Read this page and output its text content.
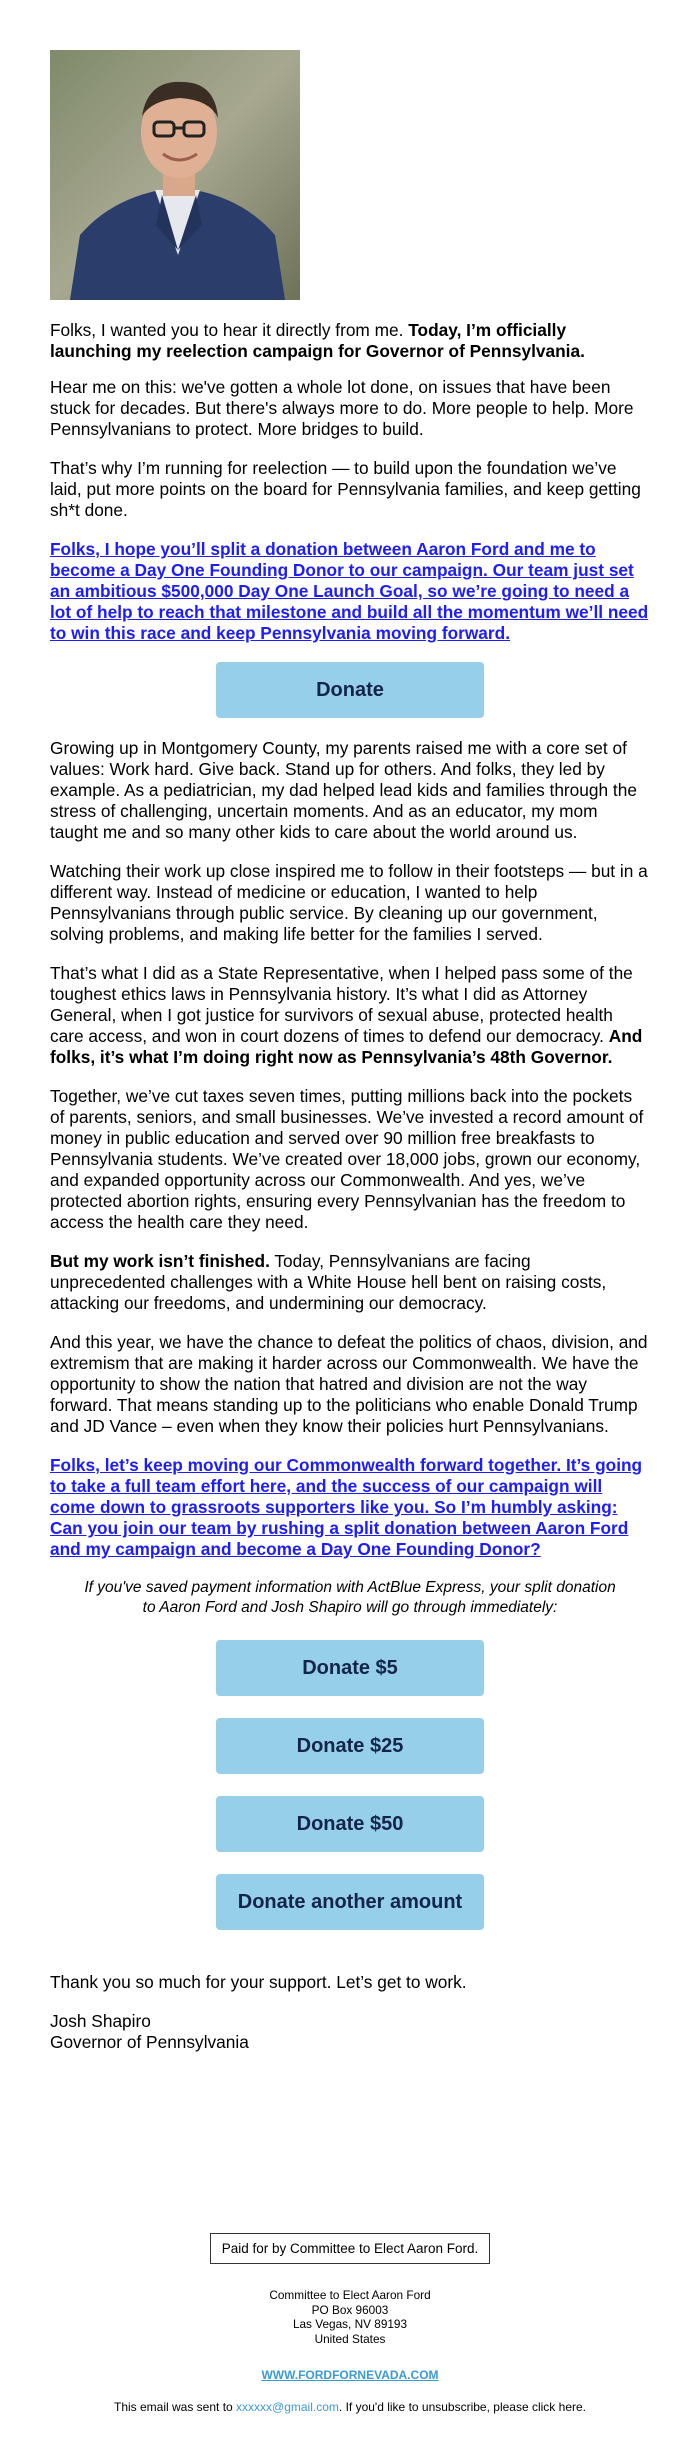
Folks, I wanted you to hear it directly from me. Today, I’m officially launching my reelection campaign for Governor of Pennsylvania.

Hear me on this: we've gotten a whole lot done, on issues that have been stuck for decades. But there's always more to do. More people to help. More Pennsylvanians to protect. More bridges to build.

That’s why I’m running for reelection — to build upon the foundation we’ve laid, put more points on the board for Pennsylvania families, and keep getting sh*t done.

Folks, I hope you’ll split a donation between Aaron Ford and me to become a Day One Founding Donor to our campaign. Our team just set an ambitious $500,000 Day One Launch Goal, so we’re going to need a lot of help to reach that milestone and build all the momentum we’ll need to win this race and keep Pennsylvania moving forward.

Donate

Growing up in Montgomery County, my parents raised me with a core set of values: Work hard. Give back. Stand up for others. And folks, they led by example. As a pediatrician, my dad helped lead kids and families through the stress of challenging, uncertain moments. And as an educator, my mom taught me and so many other kids to care about the world around us.

Watching their work up close inspired me to follow in their footsteps — but in a different way. Instead of medicine or education, I wanted to help Pennsylvanians through public service. By cleaning up our government, solving problems, and making life better for the families I served.

That’s what I did as a State Representative, when I helped pass some of the toughest ethics laws in Pennsylvania history. It’s what I did as Attorney General, when I got justice for survivors of sexual abuse, protected health care access, and won in court dozens of times to defend our democracy. And folks, it’s what I’m doing right now as Pennsylvania’s 48th Governor.

Together, we’ve cut taxes seven times, putting millions back into the pockets of parents, seniors, and small businesses. We’ve invested a record amount of money in public education and served over 90 million free breakfasts to Pennsylvania students. We’ve created over 18,000 jobs, grown our economy, and expanded opportunity across our Commonwealth. And yes, we’ve protected abortion rights, ensuring every Pennsylvanian has the freedom to access the health care they need.

But my work isn’t finished. Today, Pennsylvanians are facing unprecedented challenges with a White House hell bent on raising costs, attacking our freedoms, and undermining our democracy.

And this year, we have the chance to defeat the politics of chaos, division, and extremism that are making it harder across our Commonwealth. We have the opportunity to show the nation that hatred and division are not the way forward. That means standing up to the politicians who enable Donald Trump and JD Vance – even when they know their policies hurt Pennsylvanians.

Folks, let’s keep moving our Commonwealth forward together. It’s going to take a full team effort here, and the success of our campaign will come down to grassroots supporters like you. So I’m humbly asking: Can you join our team by rushing a split donation between Aaron Ford and my campaign and become a Day One Founding Donor?

If you've saved payment information with ActBlue Express, your split donation to Aaron Ford and Josh Shapiro will go through immediately:

Donate $5
Donate $25
Donate $50
Donate another amount

Thank you so much for your support. Let’s get to work.

Josh Shapiro
Governor of Pennsylvania

Paid for by Committee to Elect Aaron Ford.
Committee to Elect Aaron Ford
PO Box 96003
Las Vegas, NV 89193
United States
WWW.FORDFORNEVADA.COM
This email was sent to xxxxxx@gmail.com. If you'd like to unsubscribe, please click here.
